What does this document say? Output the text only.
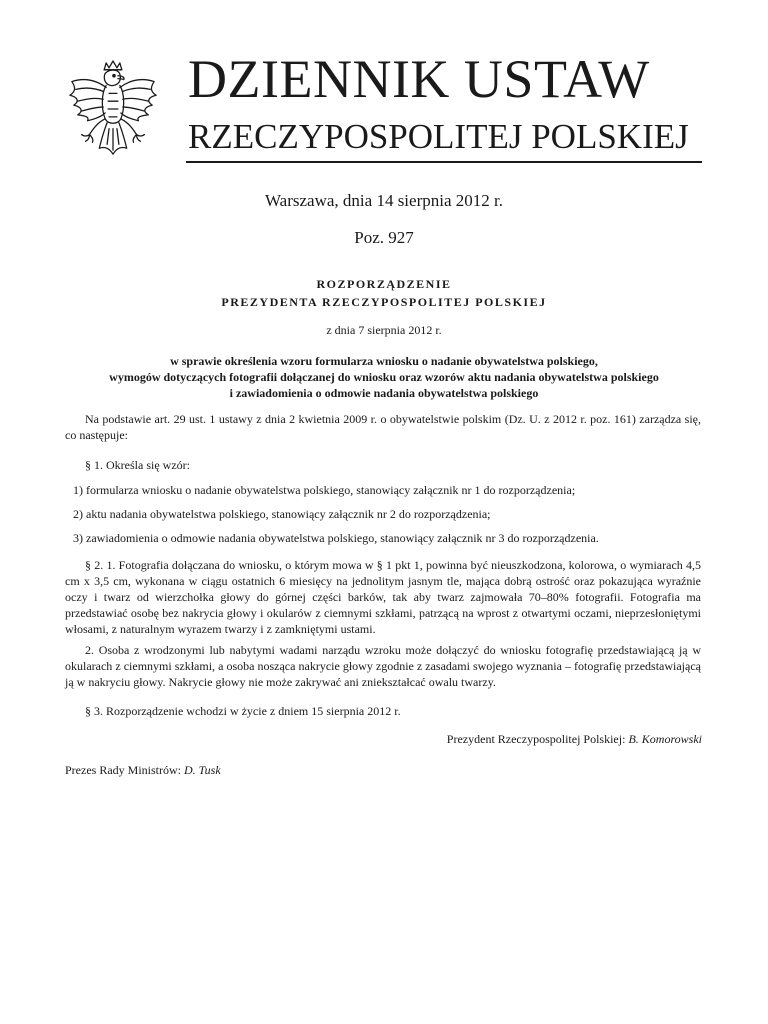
DZIENNIK USTAW
RZECZYPOSPOLITEJ POLSKIEJ
Warszawa, dnia 14 sierpnia 2012 r.
Poz. 927
ROZPORZĄDZENIE
PREZYDENTA RZECZYPOSPOLITEJ POLSKIEJ
z dnia 7 sierpnia 2012 r.
w sprawie określenia wzoru formularza wniosku o nadanie obywatelstwa polskiego,
wymogów dotyczących fotografii dołączanej do wniosku oraz wzorów aktu nadania obywatelstwa polskiego
i zawiadomienia o odmowie nadania obywatelstwa polskiego
Na podstawie art. 29 ust. 1 ustawy z dnia 2 kwietnia 2009 r. o obywatelstwie polskim (Dz. U. z 2012 r. poz. 161) zarządza się, co następuje:
§ 1. Określa się wzór:
1) formularza wniosku o nadanie obywatelstwa polskiego, stanowiący załącznik nr 1 do rozporządzenia;
2) aktu nadania obywatelstwa polskiego, stanowiący załącznik nr 2 do rozporządzenia;
3) zawiadomienia o odmowie nadania obywatelstwa polskiego, stanowiący załącznik nr 3 do rozporządzenia.
§ 2. 1. Fotografia dołączana do wniosku, o którym mowa w § 1 pkt 1, powinna być nieuszkodzona, kolorowa, o wymiarach 4,5 cm x 3,5 cm, wykonana w ciągu ostatnich 6 miesięcy na jednolitym jasnym tle, mająca dobrą ostrość oraz pokazująca wyraźnie oczy i twarz od wierzchołka głowy do górnej części barków, tak aby twarz zajmowała 70–80% fotografii. Fotografia ma przedstawiać osobę bez nakrycia głowy i okularów z ciemnymi szkłami, patrzącą na wprost z otwartymi oczami, nieprzesłoniętymi włosami, z naturalnym wyrazem twarzy i z zamkniętymi ustami.
2. Osoba z wrodzonymi lub nabytymi wadami narządu wzroku może dołączyć do wniosku fotografię przedstawiającą ją w okularach z ciemnymi szkłami, a osoba nosząca nakrycie głowy zgodnie z zasadami swojego wyznania – fotografię przedstawiającą ją w nakryciu głowy. Nakrycie głowy nie może zakrywać ani zniekształcać owalu twarzy.
§ 3. Rozporządzenie wchodzi w życie z dniem 15 sierpnia 2012 r.
Prezydent Rzeczypospolitej Polskiej: B. Komorowski
Prezes Rady Ministrów: D. Tusk
